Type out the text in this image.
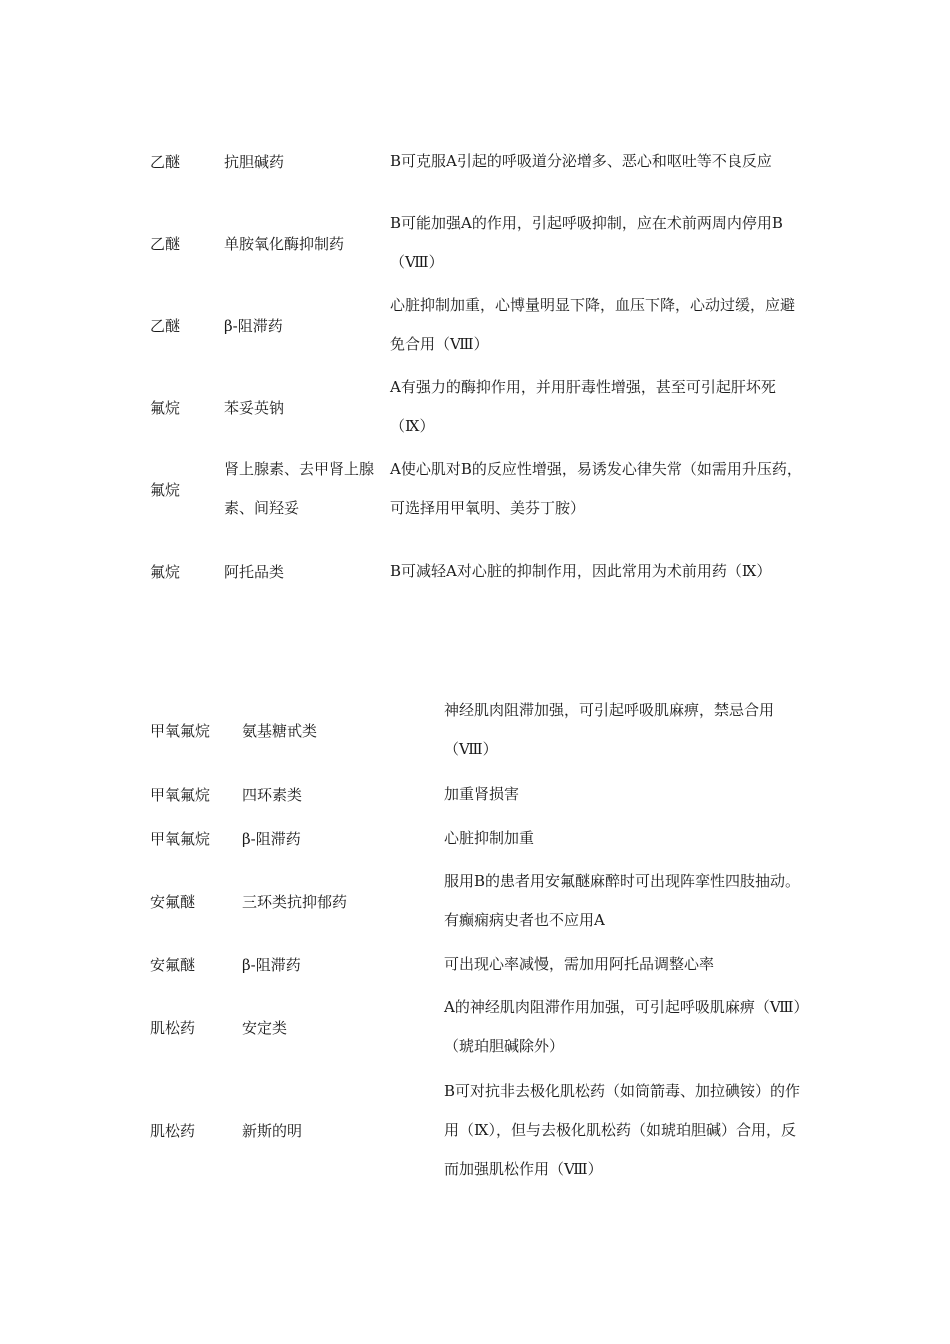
乙醚	抗胆碱药	B可克服A引起的呼吸道分泌增多、恶心和呕吐等不良反应
乙醚	单胺氧化酶抑制药	B可能加强A的作用，引起呼吸抑制，应在术前两周内停用B（Ⅷ）
乙醚	β-阻滞药	心脏抑制加重，心博量明显下降，血压下降，心动过缓，应避免合用（Ⅷ）
氟烷	苯妥英钠	A有强力的酶抑作用，并用肝毒性增强，甚至可引起肝坏死（Ⅸ）
氟烷	肾上腺素、去甲肾上腺素、间羟妥	A使心肌对B的反应性增强，易诱发心律失常（如需用升压药，可选择用甲氧明、美芬丁胺）
氟烷	阿托品类	B可减轻A对心脏的抑制作用，因此常用为术前用药（Ⅸ）
甲氧氟烷	氨基糖甙类	神经肌肉阻滞加强，可引起呼吸肌麻痹，禁忌合用（Ⅷ）
甲氧氟烷	四环素类	加重肾损害
甲氧氟烷	β-阻滞药	心脏抑制加重
安氟醚	三环类抗抑郁药	服用B的患者用安氟醚麻醉时可出现阵挛性四肢抽动。有癫痫病史者也不应用A
安氟醚	β-阻滞药	可出现心率减慢，需加用阿托品调整心率
肌松药	安定类	A的神经肌肉阻滞作用加强，可引起呼吸肌麻痹（Ⅷ）（琥珀胆碱除外）
肌松药	新斯的明	B可对抗非去极化肌松药（如筒箭毒、加拉碘铵）的作用（Ⅸ），但与去极化肌松药（如琥珀胆碱）合用，反而加强肌松作用（Ⅷ）
